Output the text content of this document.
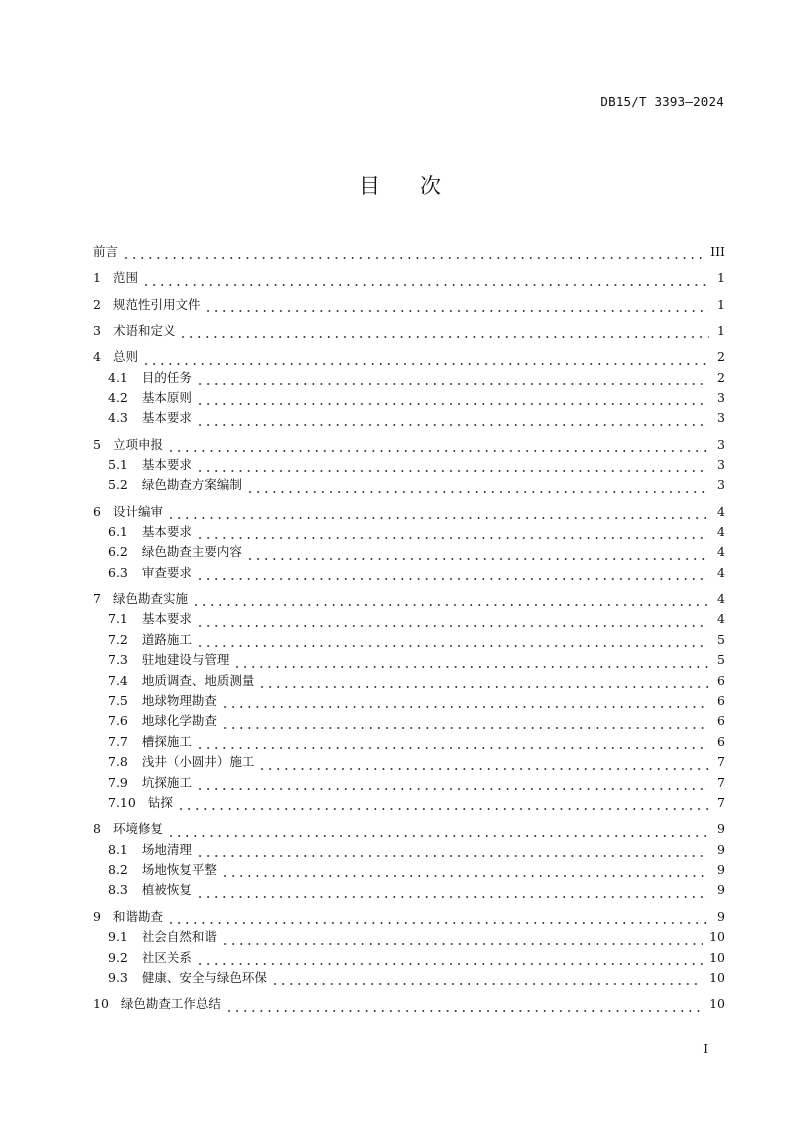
DB15/T 3393—2024
目次
前言	III
1 范围	1
2 规范性引用文件	1
3 术语和定义	1
4 总则	2
4.1 目的任务	2
4.2 基本原则	3
4.3 基本要求	3
5 立项申报	3
5.1 基本要求	3
5.2 绿色勘查方案编制	3
6 设计编审	4
6.1 基本要求	4
6.2 绿色勘查主要内容	4
6.3 审查要求	4
7 绿色勘查实施	4
7.1 基本要求	4
7.2 道路施工	5
7.3 驻地建设与管理	5
7.4 地质调查、地质测量	6
7.5 地球物理勘查	6
7.6 地球化学勘查	6
7.7 槽探施工	6
7.8 浅井（小圆井）施工	7
7.9 坑探施工	7
7.10 钻探	7
8 环境修复	9
8.1 场地清理	9
8.2 场地恢复平整	9
8.3 植被恢复	9
9 和谐勘查	9
9.1 社会自然和谐	10
9.2 社区关系	10
9.3 健康、安全与绿色环保	10
10 绿色勘查工作总结	10
I
